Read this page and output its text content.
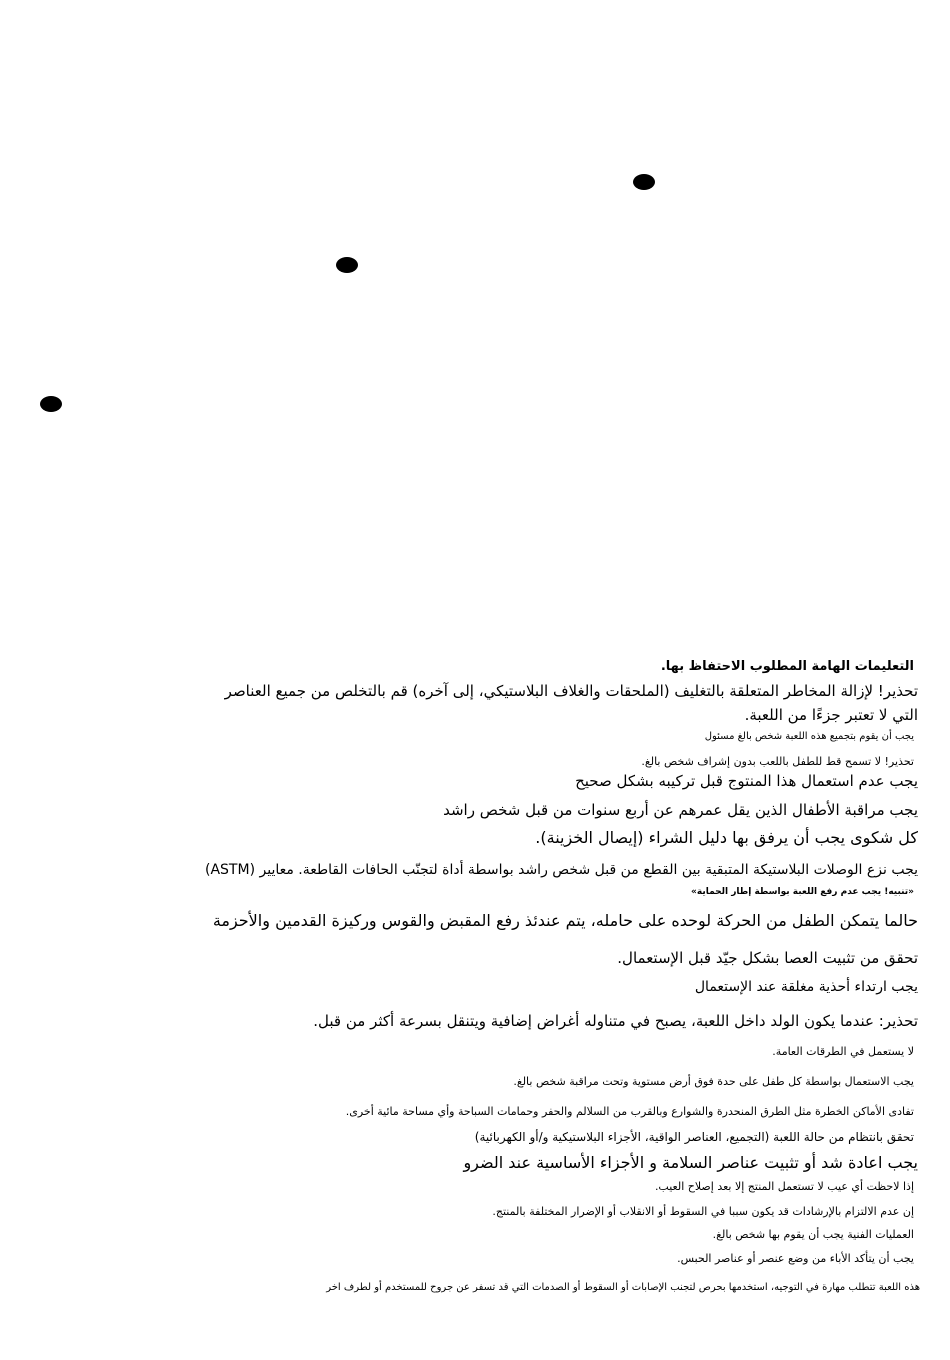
التعليمات الهامة المطلوب الاحتفاظ بها.
تحذير! لإزالة المخاطر المتعلقة بالتغليف (الملحقات والغلاف البلاستيكي، إلى آخره) قم بالتخلص من جميع العناصر
التي لا تعتبر جزءًا من اللعبة.
يجب أن يقوم بتجميع هذه اللعبة شخص بالغ مسئول
تحذير! لا تسمح قط للطفل باللعب بدون إشراف شخص بالغ.
يجب عدم استعمال هذا المنتوج قبل تركيبه بشكل صحيح
يجب مراقبة الأطفال الذين يقل عمرهم عن أربع سنوات من قبل شخص راشد
كل شكوى يجب أن يرفق بها دليل الشراء (إيصال الخزينة).
يجب نزع الوصلات البلاستيكة المتبقية بين القطع من قبل شخص راشد بواسطة أداة لتجنّب الحافات القاطعة. معايير (ASTM)
«تنبيه! يجب عدم رفع اللعبة بواسطة إطار الحماية»
حالما يتمكن الطفل من الحركة لوحده على حامله، يتم عندئذ رفع المقبض والقوس وركيزة القدمين والأحزمة
تحقق من تثبيت العصا بشكل جيّد قبل الإستعمال.
يجب ارتداء أحذية مغلقة عند الإستعمال
تحذير: عندما يكون الولد داخل اللعبة، يصبح في متناوله أغراض إضافية ويتنقل بسرعة أكثر من قبل.
لا يستعمل في الطرقات العامة.
يجب الاستعمال بواسطة كل طفل على حدة فوق أرض مستوية وتحت مراقبة شخص بالغ.
تفادى الأماكن الخطرة مثل الطرق المنحدرة والشوارع وبالقرب من السلالم والحفر وحمامات السباحة وأي مساحة مائية أخرى.
تحقق بانتظام من حالة اللعبة (التجميع، العناصر الواقية، الأجزاء البلاستيكية و/أو الكهربائية)
يجب اعادة شد أو تثبيت عناصر السلامة و الأجزاء الأساسية عند الضرو
إذا لاحظت أي عيب لا تستعمل المنتج إلا بعد إصلاح العيب.
إن عدم الالتزام بالإرشادات قد يكون سببا في السقوط أو الانقلاب أو الإضرار المختلفة بالمنتج.
العمليات الفنية يجب أن يقوم بها شخص بالغ.
يجب أن يتأكد الأباء من وضع عنصر أو عناصر الحبس.
هذه اللعبة تتطلب مهارة في التوجيه، استخدمها بحرص لتجنب الإصابات أو السقوط أو الصدمات التي قد تسفر عن جروح للمستخدم أو لطرف اخر
